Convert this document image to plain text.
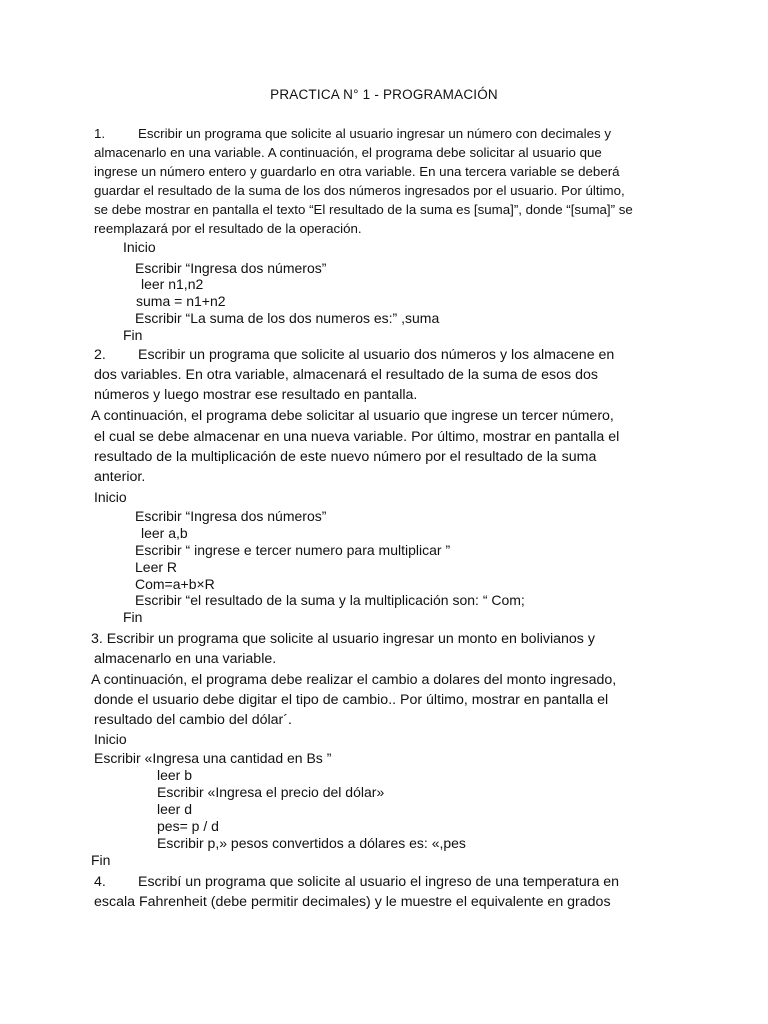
PRACTICA N° 1 - PROGRAMACIÓN
1. Escribir un programa que solicite al usuario ingresar un número con decimales y
almacenarlo en una variable. A continuación, el programa debe solicitar al usuario que
ingrese un número entero y guardarlo en otra variable. En una tercera variable se deberá
guardar el resultado de la suma de los dos números ingresados por el usuario. Por último,
se debe mostrar en pantalla el texto “El resultado de la suma es [suma]”, donde “[suma]” se
reemplazará por el resultado de la operación.
Inicio
Escribir “Ingresa dos números”
leer n1,n2
suma = n1+n2
Escribir “La suma de los dos numeros es:” ,suma
Fin
2. Escribir un programa que solicite al usuario dos números y los almacene en
dos variables. En otra variable, almacenará el resultado de la suma de esos dos
números y luego mostrar ese resultado en pantalla.
A continuación, el programa debe solicitar al usuario que ingrese un tercer número,
el cual se debe almacenar en una nueva variable. Por último, mostrar en pantalla el
resultado de la multiplicación de este nuevo número por el resultado de la suma
anterior.
Inicio
Escribir “Ingresa dos números”
leer a,b
Escribir “ ingrese e tercer numero para multiplicar ”
Leer R
Com=a+b×R
Escribir “el resultado de la suma y la multiplicación son: “ Com;
Fin
3. Escribir un programa que solicite al usuario ingresar un monto en bolivianos y
almacenarlo en una variable.
A continuación, el programa debe realizar el cambio a dolares del monto ingresado,
donde el usuario debe digitar el tipo de cambio.. Por último, mostrar en pantalla el
resultado del cambio del dólar´.
Inicio
Escribir «Ingresa una cantidad en Bs ”
leer b
Escribir «Ingresa el precio del dólar»
leer d
pes= p / d
Escribir p,» pesos convertidos a dólares es: «,pes
Fin
4. Escribí un programa que solicite al usuario el ingreso de una temperatura en
escala Fahrenheit (debe permitir decimales) y le muestre el equivalente en grados
